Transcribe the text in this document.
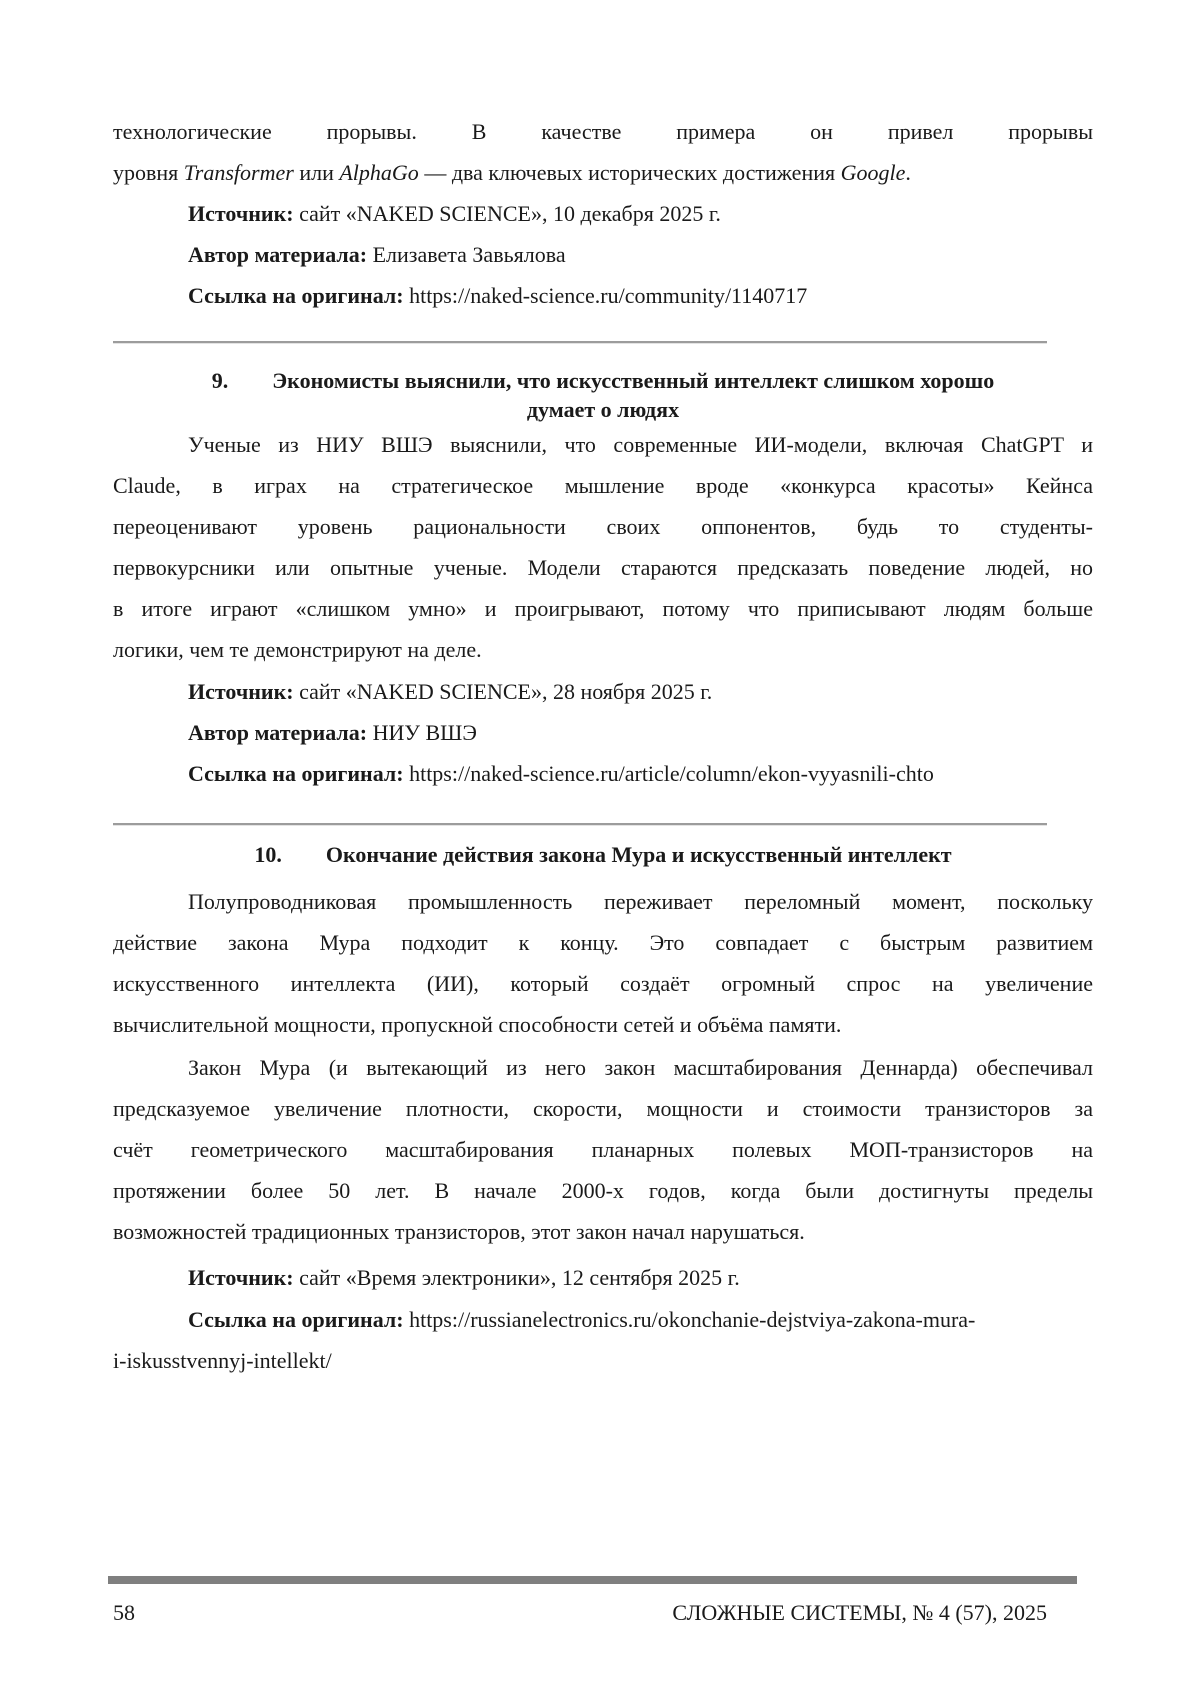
технологические прорывы. В качестве примера он привел прорывы
уровня Transformer или AlphaGo — два ключевых исторических достижения Google.
Источник: сайт «NAKED SCIENCE», 10 декабря 2025 г.
Автор материала: Елизавета Завьялова
Ссылка на оригинал: https://naked-science.ru/community/1140717
9. Экономисты выяснили, что искусственный интеллект слишком хорошо
думает о людях
Ученые из НИУ ВШЭ выяснили, что современные ИИ-модели, включая ChatGPT и
Claude, в играх на стратегическое мышление вроде «конкурса красоты» Кейнса
переоценивают уровень рациональности своих оппонентов, будь то студенты-
первокурсники или опытные ученые. Модели стараются предсказать поведение людей, но
в итоге играют «слишком умно» и проигрывают, потому что приписывают людям больше
логики, чем те демонстрируют на деле.
Источник: сайт «NAKED SCIENCE», 28 ноября 2025 г.
Автор материала: НИУ ВШЭ
Ссылка на оригинал: https://naked-science.ru/article/column/ekon-vyyasnili-chto
10. Окончание действия закона Мура и искусственный интеллект
Полупроводниковая промышленность переживает переломный момент, поскольку
действие закона Мура подходит к концу. Это совпадает с быстрым развитием
искусственного интеллекта (ИИ), который создаёт огромный спрос на увеличение
вычислительной мощности, пропускной способности сетей и объёма памяти.
Закон Мура (и вытекающий из него закон масштабирования Деннарда) обеспечивал
предсказуемое увеличение плотности, скорости, мощности и стоимости транзисторов за
счёт геометрического масштабирования планарных полевых МОП-транзисторов на
протяжении более 50 лет. В начале 2000-х годов, когда были достигнуты пределы
возможностей традиционных транзисторов, этот закон начал нарушаться.
Источник: сайт «Время электроники», 12 сентября 2025 г.
Ссылка на оригинал: https://russianelectronics.ru/okonchanie-dejstviya-zakona-mura-
i-iskusstvennyj-intellekt/
58	СЛОЖНЫЕ СИСТЕМЫ, № 4 (57), 2025
